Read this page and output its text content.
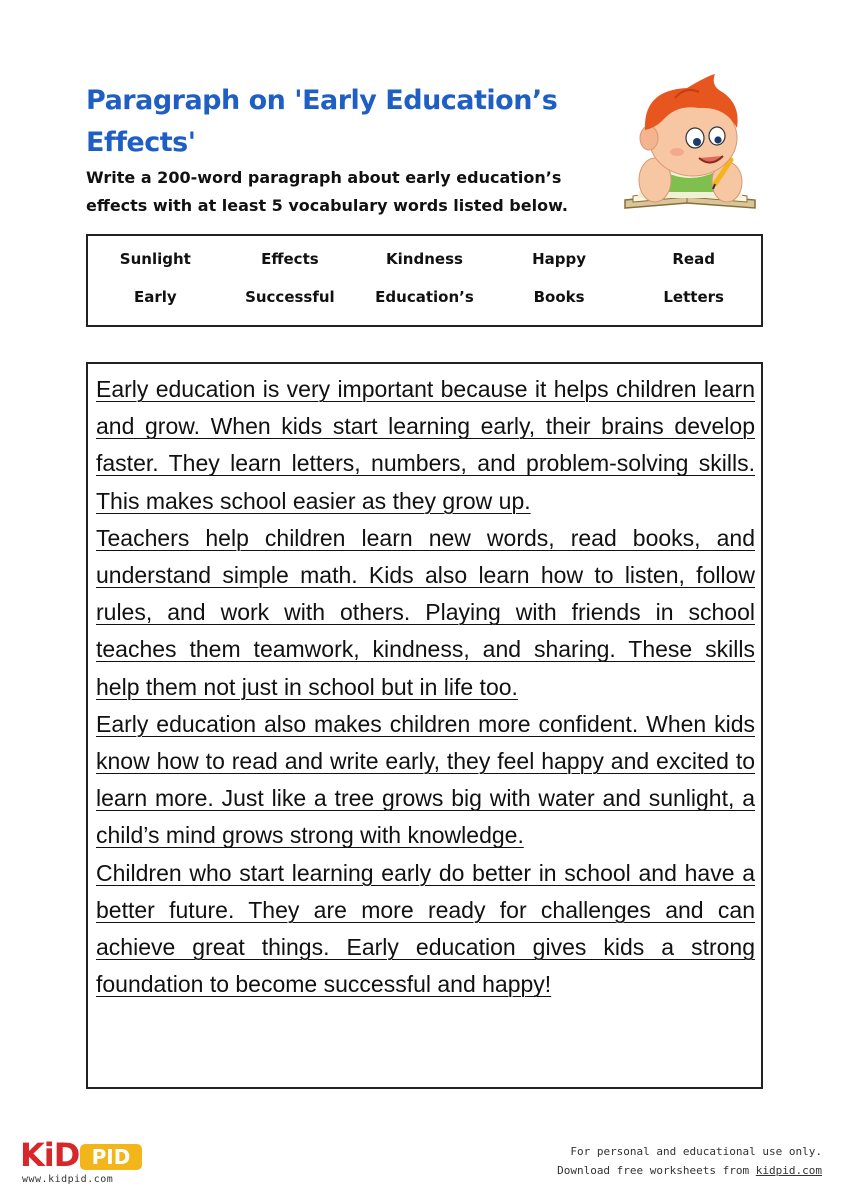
Paragraph on 'Early Education’s Effects'
Write a 200-word paragraph about early education’s effects with at least 5 vocabulary words listed below.
Sunlight	Effects	Kindness	Happy	Read
Early	Successful	Education’s	Books	Letters

Early education is very important because it helps children learn and grow. When kids start learning early, their brains develop faster. They learn letters, numbers, and problem-solving skills. This makes school easier as they grow up.

Teachers help children learn new words, read books, and understand simple math. Kids also learn how to listen, follow rules, and work with others. Playing with friends in school teaches them teamwork, kindness, and sharing. These skills help them not just in school but in life too.

Early education also makes children more confident. When kids know how to read and write early, they feel happy and excited to learn more. Just like a tree grows big with water and sunlight, a child’s mind grows strong with knowledge.

Children who start learning early do better in school and have a better future. They are more ready for challenges and can achieve great things. Early education gives kids a strong foundation to become successful and happy!

KiD PID
www.kidpid.com
For personal and educational use only.
Download free worksheets from kidpid.com
